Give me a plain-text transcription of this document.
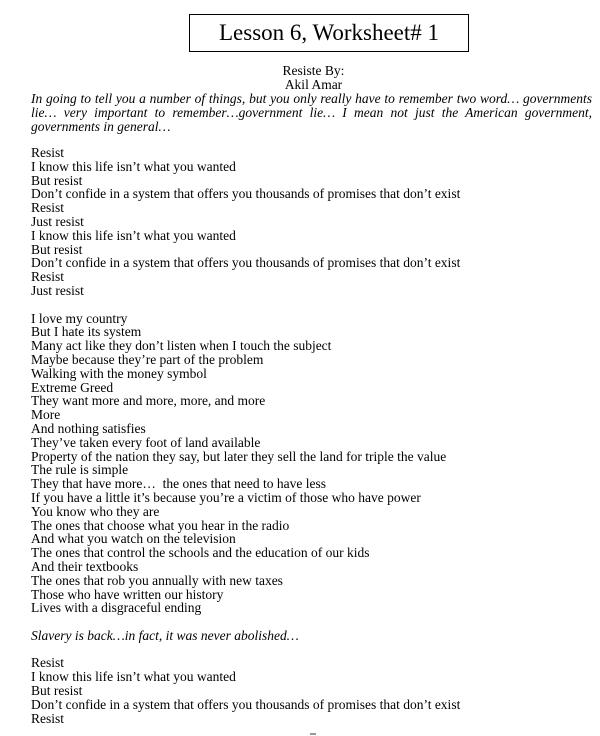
Lesson 6, Worksheet# 1
Resiste By:
Akil Amar

In going to tell you a number of things, but you only really have to remember two word… governments lie… very important to remember…government lie… I mean not just the American government, governments in general…

Resist
I know this life isn’t what you wanted
But resist
Don’t confide in a system that offers you thousands of promises that don’t exist
Resist
Just resist
I know this life isn’t what you wanted
But resist
Don’t confide in a system that offers you thousands of promises that don’t exist
Resist
Just resist
I love my country
But I hate its system
Many act like they don’t listen when I touch the subject
Maybe because they’re part of the problem
Walking with the money symbol
Extreme Greed
They want more and more, more, and more
More
And nothing satisfies
They’ve taken every foot of land available
Property of the nation they say, but later they sell the land for triple the value
The rule is simple
They that have more…  the ones that need to have less
If you have a little it’s because you’re a victim of those who have power
You know who they are
The ones that choose what you hear in the radio
And what you watch on the television
The ones that control the schools and the education of our kids
And their textbooks
The ones that rob you annually with new taxes
Those who have written our history
Lives with a disgraceful ending
Slavery is back…in fact, it was never abolished…
Resist
I know this life isn’t what you wanted
But resist
Don’t confide in a system that offers you thousands of promises that don’t exist
Resist
